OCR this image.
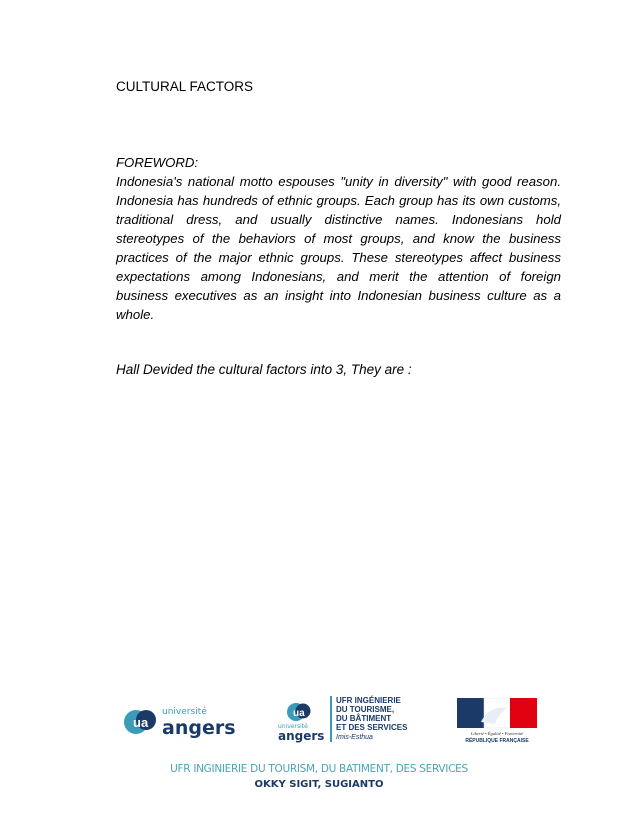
CULTURAL FACTORS
FOREWORD:
Indonesia's national motto espouses "unity in diversity" with good reason. Indonesia has hundreds of ethnic groups. Each group has its own customs, traditional dress, and usually distinctive names. Indonesians hold stereotypes of the behaviors of most groups, and know the business practices of the major ethnic groups. These stereotypes affect business expectations among Indonesians, and merit the attention of foreign business executives as an insight into Indonesian business culture as a whole.
Hall Devided the cultural factors into 3, They are :
ua
université
angers
ua
université
angers
UFR INGÉNIERIE
DU TOURISME,
DU BÂTIMENT
ET DES SERVICES
Imis-Esthua
Liberté • Égalité • Fraternité
RÉPUBLIQUE FRANÇAISE
UFR INGINIERIE DU TOURISM, DU BATIMENT, DES SERVICES
OKKY SIGIT, SUGIANTO
